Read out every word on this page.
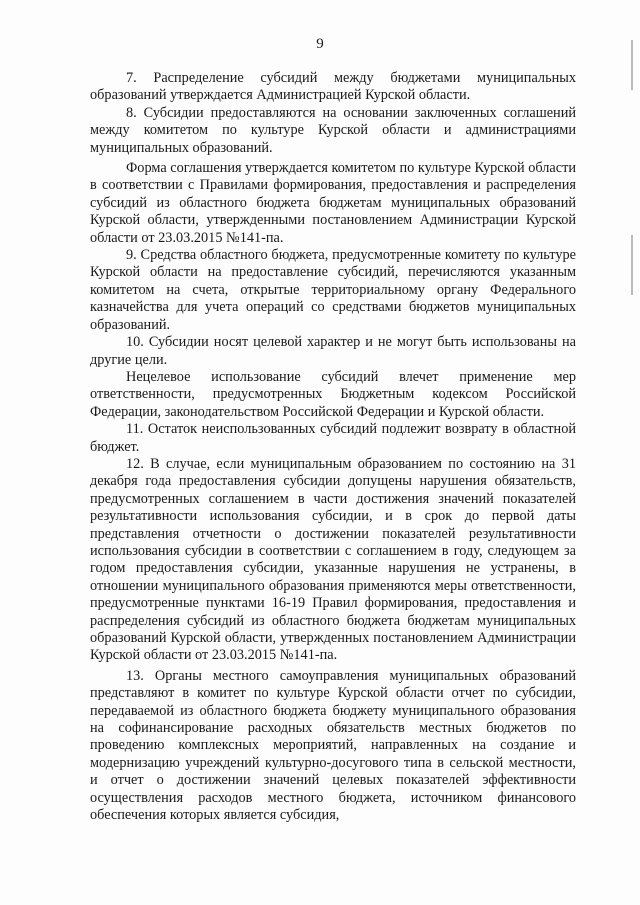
9

7. Распределение субсидий между бюджетами муниципальных образований утверждается Администрацией Курской области.

8. Субсидии предоставляются на основании заключенных соглашений между комитетом по культуре Курской области и администрациями муниципальных образований.

Форма соглашения утверждается комитетом по культуре Курской области в соответствии с Правилами формирования, предоставления и распределения субсидий из областного бюджета бюджетам муниципальных образований Курской области, утвержденными постановлением Администрации Курской области от 23.03.2015 №141-па.

9. Средства областного бюджета, предусмотренные комитету по культуре Курской области на предоставление субсидий, перечисляются указанным комитетом на счета, открытые территориальному органу Федерального казначейства для учета операций со средствами бюджетов муниципальных образований.

10. Субсидии носят целевой характер и не могут быть использованы на другие цели.

Нецелевое использование субсидий влечет применение мер ответственности, предусмотренных Бюджетным кодексом Российской Федерации, законодательством Российской Федерации и Курской области.

11. Остаток неиспользованных субсидий подлежит возврату в областной бюджет.

12. В случае, если муниципальным образованием по состоянию на 31 декабря года предоставления субсидии допущены нарушения обязательств, предусмотренных соглашением в части достижения значений показателей результативности использования субсидии, и в срок до первой даты представления отчетности о достижении показателей результативности использования субсидии в соответствии с соглашением в году, следующем за годом предоставления субсидии, указанные нарушения не устранены, в отношении муниципального образования применяются меры ответственности, предусмотренные пунктами 16-19 Правил формирования, предоставления и распределения субсидий из областного бюджета бюджетам муниципальных образований Курской области, утвержденных постановлением Администрации Курской области от 23.03.2015 №141-па.

13. Органы местного самоуправления муниципальных образований представляют в комитет по культуре Курской области отчет по субсидии, передаваемой из областного бюджета бюджету муниципального образования на софинансирование расходных обязательств местных бюджетов по проведению комплексных мероприятий, направленных на создание и модернизацию учреждений культурно-досугового типа в сельской местности, и отчет о достижении значений целевых показателей эффективности осуществления расходов местного бюджета, источником финансового обеспечения которых является субсидия,
